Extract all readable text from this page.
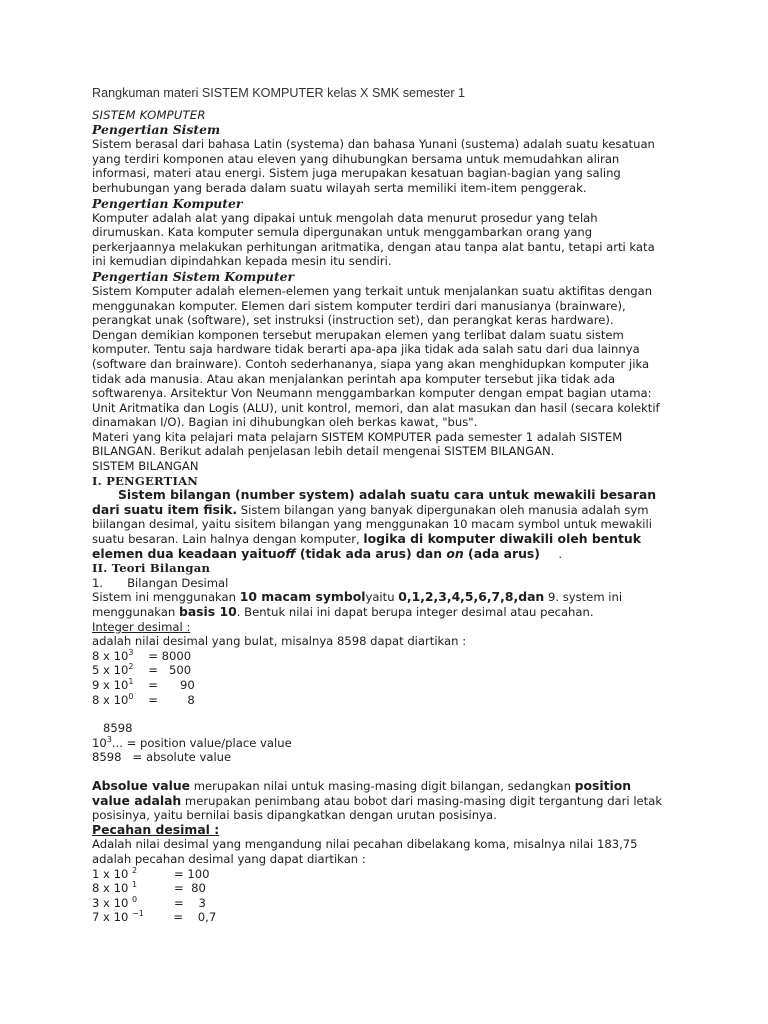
Rangkuman materi SISTEM KOMPUTER kelas X SMK semester 1

SISTEM KOMPUTER

Pengertian Sistem

Sistem berasal dari bahasa Latin (systema) dan bahasa Yunani (sustema) adalah suatu kesatuan yang terdiri komponen atau eleven yang dihubungkan bersama untuk memudahkan aliran informasi, materi atau energi. Sistem juga merupakan kesatuan bagian-bagian yang saling berhubungan yang berada dalam suatu wilayah serta memiliki item-item penggerak.

Pengertian Komputer

Komputer adalah alat yang dipakai untuk mengolah data menurut prosedur yang telah dirumuskan. Kata komputer semula dipergunakan untuk menggambarkan orang yang perkerjaannya melakukan perhitungan aritmatika, dengan atau tanpa alat bantu, tetapi arti kata ini kemudian dipindahkan kepada mesin itu sendiri.

Pengertian Sistem Komputer

Sistem Komputer adalah elemen-elemen yang terkait untuk menjalankan suatu aktifitas dengan menggunakan komputer. Elemen dari sistem komputer terdiri dari manusianya (brainware), perangkat unak (software), set instruksi (instruction set), dan perangkat keras hardware).

Dengan demikian komponen tersebut merupakan elemen yang terlibat dalam suatu sistem komputer. Tentu saja hardware tidak berarti apa-apa jika tidak ada salah satu dari dua lainnya (software dan brainware). Contoh sederhananya, siapa yang akan menghidupkan komputer jika tidak ada manusia. Atau akan menjalankan perintah apa komputer tersebut jika tidak ada softwarenya. Arsitektur Von Neumann menggambarkan komputer dengan empat bagian utama: Unit Aritmatika dan Logis (ALU), unit kontrol, memori, dan alat masukan dan hasil (secara kolektif dinamakan I/O). Bagian ini dihubungkan oleh berkas kawat, "bus".

Materi yang kita pelajari mata pelajarn SISTEM KOMPUTER pada semester 1 adalah SISTEM BILANGAN. Berikut adalah penjelasan lebih detail mengenai SISTEM BILANGAN.

SISTEM BILANGAN

I. PENGERTIAN

Sistem bilangan (number system) adalah suatu cara untuk mewakili besaran dari suatu item fisik. Sistem bilangan yang banyak dipergunakan oleh manusia adalah sym biilangan desimal, yaitu sisitem bilangan yang menggunakan 10 macam symbol untuk mewakili suatu besaran. Lain halnya dengan komputer, logika di komputer diwakili oleh bentuk elemen dua keadaan yaituoff (tidak ada arus) dan on (ada arus)     .

II. Teori Bilangan

1. Bilangan Desimal

Sistem ini menggunakan 10 macam symbolyaitu 0,1,2,3,4,5,6,7,8,dan 9. system ini menggunakan basis 10. Bentuk nilai ini dapat berupa integer desimal atau pecahan.

Integer desimal :

adalah nilai desimal yang bulat, misalnya 8598 dapat diartikan :

8 x $10^3$    = 8000

5 x $10^2$    =   500

9 x $10^1$    =      90

8 x $10^0$    =        8

8598

$10^3$... = position value/place value

8598   = absolute value

Absolue value merupakan nilai untuk masing-masing digit bilangan, sedangkan position value adalah merupakan penimbang atau bobot dari masing-masing digit tergantung dari letak posisinya, yaitu bernilai basis dipangkatkan dengan urutan posisinya.

Pecahan desimal :

Adalah nilai desimal yang mengandung nilai pecahan dibelakang koma, misalnya nilai 183,75 adalah pecahan desimal yang dapat diartikan :

1 x 10 $^2$          = 100

8 x 10 $^1$          =  80

3 x 10 $^0$          =    3

7 x 10 $^{-1}$        =    0,7
